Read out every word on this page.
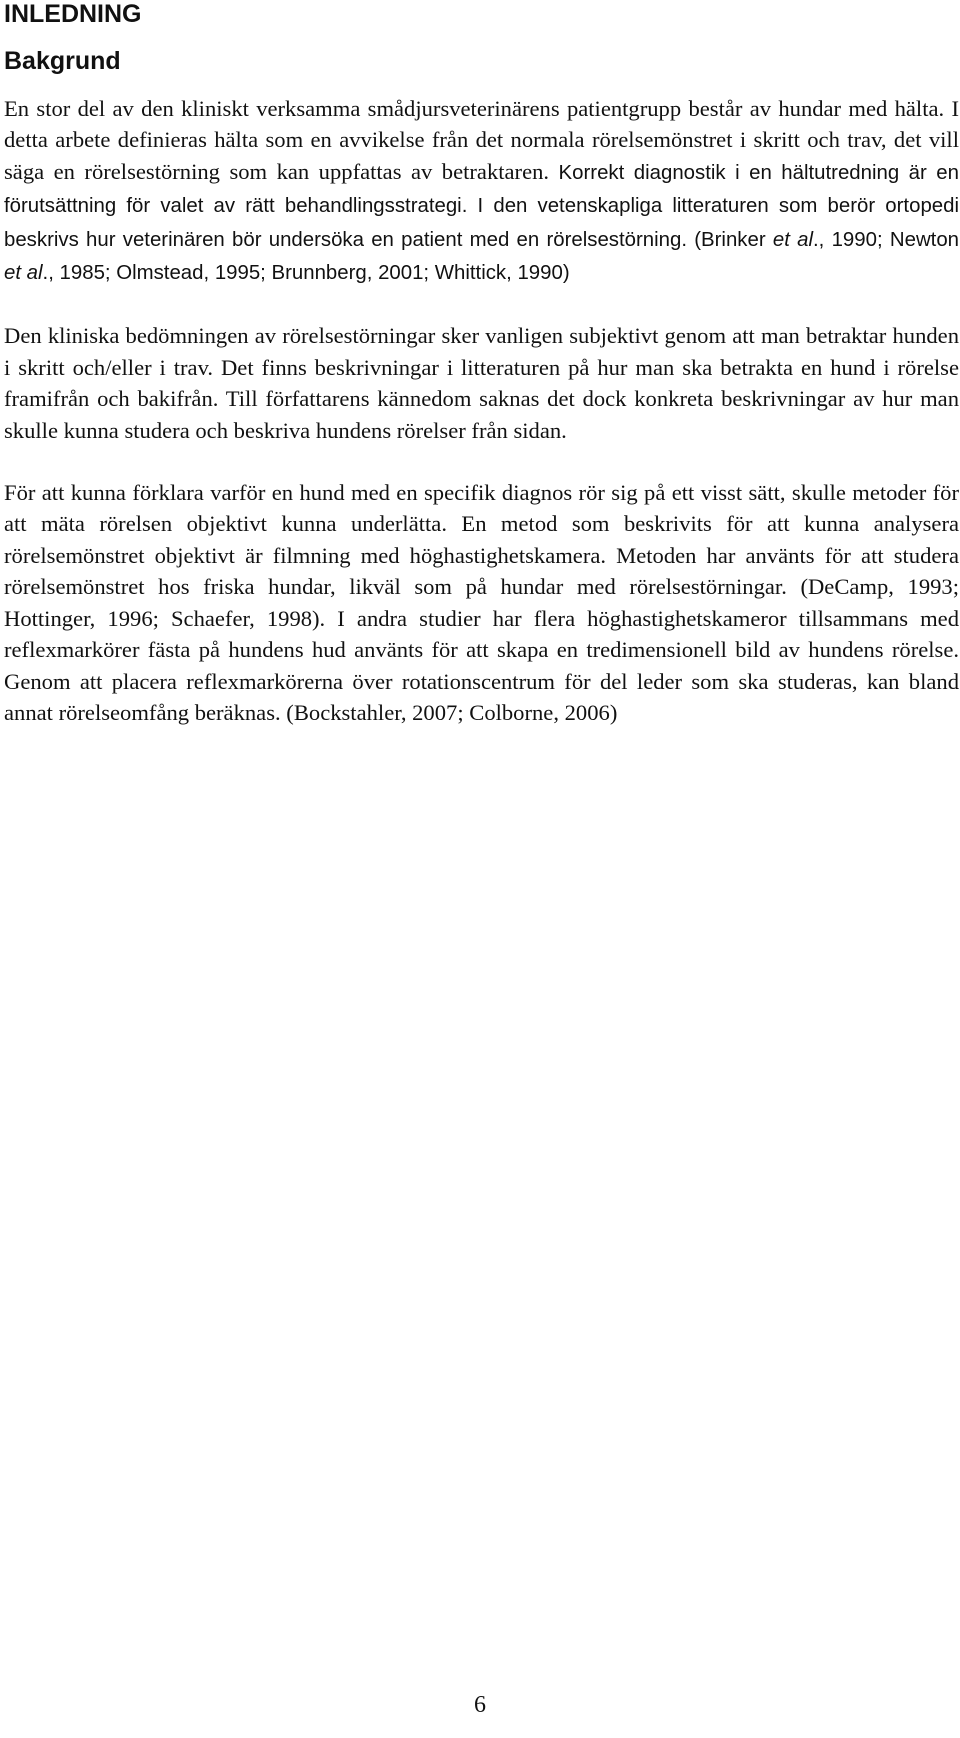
INLEDNING
Bakgrund

En stor del av den kliniskt verksamma smådjursveterinärens patientgrupp består av hundar med hälta. I detta arbete definieras hälta som en avvikelse från det normala rörelsemönstret i skritt och trav, det vill säga en rörelsestörning som kan uppfattas av betraktaren. Korrekt diagnostik i en hältutredning är en förutsättning för valet av rätt behandlingsstrategi. I den vetenskapliga litteraturen som berör ortopedi beskrivs hur veterinären bör undersöka en patient med en rörelsestörning. (Brinker et al., 1990; Newton et al., 1985; Olmstead, 1995; Brunnberg, 2001; Whittick, 1990)

Den kliniska bedömningen av rörelsestörningar sker vanligen subjektivt genom att man betraktar hunden i skritt och/eller i trav. Det finns beskrivningar i litteraturen på hur man ska betrakta en hund i rörelse framifrån och bakifrån. Till författarens kännedom saknas det dock konkreta beskrivningar av hur man skulle kunna studera och beskriva hundens rörelser från sidan.

För att kunna förklara varför en hund med en specifik diagnos rör sig på ett visst sätt, skulle metoder för att mäta rörelsen objektivt kunna underlätta. En metod som beskrivits för att kunna analysera rörelsemönstret objektivt är filmning med höghastighetskamera. Metoden har använts för att studera rörelsemönstret hos friska hundar, likväl som på hundar med rörelsestörningar. (DeCamp, 1993; Hottinger, 1996; Schaefer, 1998). I andra studier har flera höghastighetskameror tillsammans med reflexmarkörer fästa på hundens hud använts för att skapa en tredimensionell bild av hundens rörelse. Genom att placera reflexmarkörerna över rotationscentrum för del leder som ska studeras, kan bland annat rörelseomfång beräknas. (Bockstahler, 2007; Colborne, 2006)

6
